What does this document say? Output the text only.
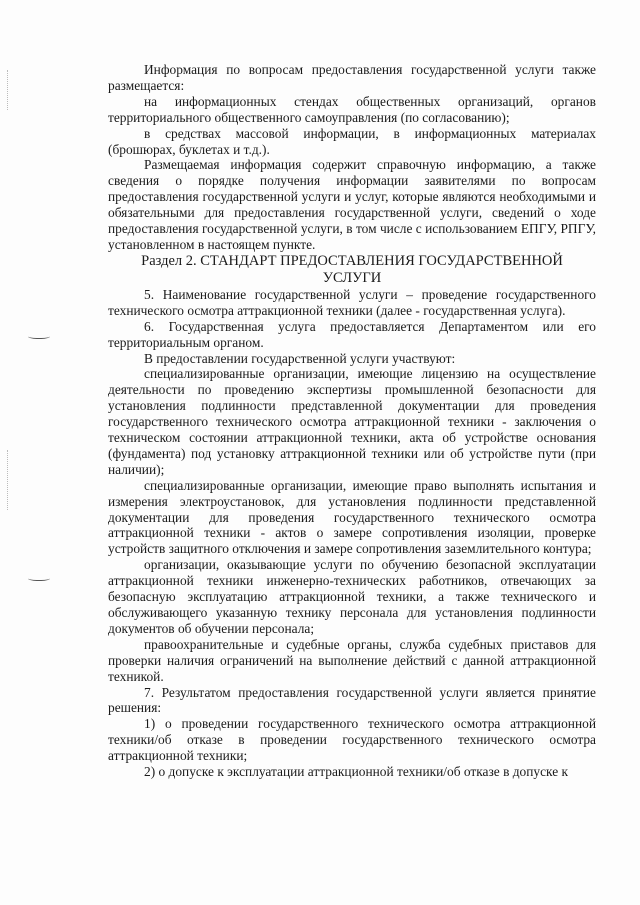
Информация по вопросам предоставления государственной услуги также размещается:

на информационных стендах общественных организаций, органов территориального общественного самоуправления (по согласованию);

в средствах массовой информации, в информационных материалах (брошюрах, буклетах и т.д.).

Размещаемая информация содержит справочную информацию, а также сведения о порядке получения информации заявителями по вопросам предоставления государственной услуги и услуг, которые являются необходимыми и обязательными для предоставления государственной услуги, сведений о ходе предоставления государственной услуги, в том числе с использованием ЕПГУ, РПГУ, установленном в настоящем пункте.

Раздел 2. СТАНДАРТ ПРЕДОСТАВЛЕНИЯ ГОСУДАРСТВЕННОЙ УСЛУГИ

5. Наименование государственной услуги – проведение государственного технического осмотра аттракционной техники (далее - государственная услуга).

6. Государственная услуга предоставляется Департаментом или его территориальным органом.

В предоставлении государственной услуги участвуют:

специализированные организации, имеющие лицензию на осуществление деятельности по проведению экспертизы промышленной безопасности для установления подлинности представленной документации для проведения государственного технического осмотра аттракционной техники - заключения о техническом состоянии аттракционной техники, акта об устройстве основания (фундамента) под установку аттракционной техники или об устройстве пути (при наличии);

специализированные организации, имеющие право выполнять испытания и измерения электроустановок, для установления подлинности представленной документации для проведения государственного технического осмотра аттракционной техники - актов о замере сопротивления изоляции, проверке устройств защитного отключения и замере сопротивления заземлительного контура;

организации, оказывающие услуги по обучению безопасной эксплуатации аттракционной техники инженерно-технических работников, отвечающих за безопасную эксплуатацию аттракционной техники, а также технического и обслуживающего указанную технику персонала для установления подлинности документов об обучении персонала;

правоохранительные и судебные органы, служба судебных приставов для проверки наличия ограничений на выполнение действий с данной аттракционной техникой.

7. Результатом предоставления государственной услуги является принятие решения:

1) о проведении государственного технического осмотра аттракционной техники/об отказе в проведении государственного технического осмотра аттракционной техники;

2) о допуске к эксплуатации аттракционной техники/об отказе в допуске к
